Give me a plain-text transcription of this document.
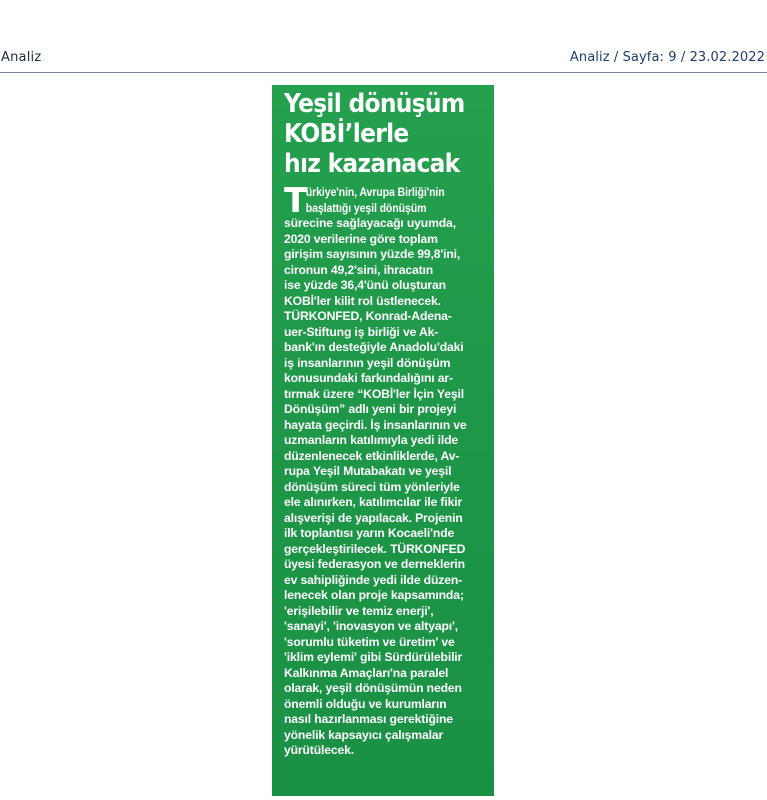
Analiz	Analiz / Sayfa: 9 / 23.02.2022
Yeşil dönüşüm
KOBİ’lerle
hız kazanacak
T
ürkiye'nin, Avrupa Birliği'nin
başlattığı yeşil dönüşüm
sürecine sağlayacağı uyumda,
2020 verilerine göre toplam
girişim sayısının yüzde 99,8'ini,
cironun 49,2'sini, ihracatın
ise yüzde 36,4'ünü oluşturan
KOBİ'ler kilit rol üstlenecek.
TÜRKONFED, Konrad-Adena-
uer-Stiftung iş birliği ve Ak-
bank'ın desteğiyle Anadolu'daki
iş insanlarının yeşil dönüşüm
konusundaki farkındalığını ar-
tırmak üzere “KOBİ'ler İçin Yeşil
Dönüşüm” adlı yeni bir projeyi
hayata geçirdi. İş insanlarının ve
uzmanların katılımıyla yedi ilde
düzenlenecek etkinliklerde, Av-
rupa Yeşil Mutabakatı ve yeşil
dönüşüm süreci tüm yönleriyle
ele alınırken, katılımcılar ile fikir
alışverişi de yapılacak. Projenin
ilk toplantısı yarın Kocaeli'nde
gerçekleştirilecek. TÜRKONFED
üyesi federasyon ve derneklerin
ev sahipliğinde yedi ilde düzen-
lenecek olan proje kapsamında;
'erişilebilir ve temiz enerji',
'sanayi', 'inovasyon ve altyapı',
'sorumlu tüketim ve üretim' ve
'iklim eylemi' gibi Sürdürülebilir
Kalkınma Amaçları'na paralel
olarak, yeşil dönüşümün neden
önemli olduğu ve kurumların
nasıl hazırlanması gerektiğine
yönelik kapsayıcı çalışmalar
yürütülecek.
